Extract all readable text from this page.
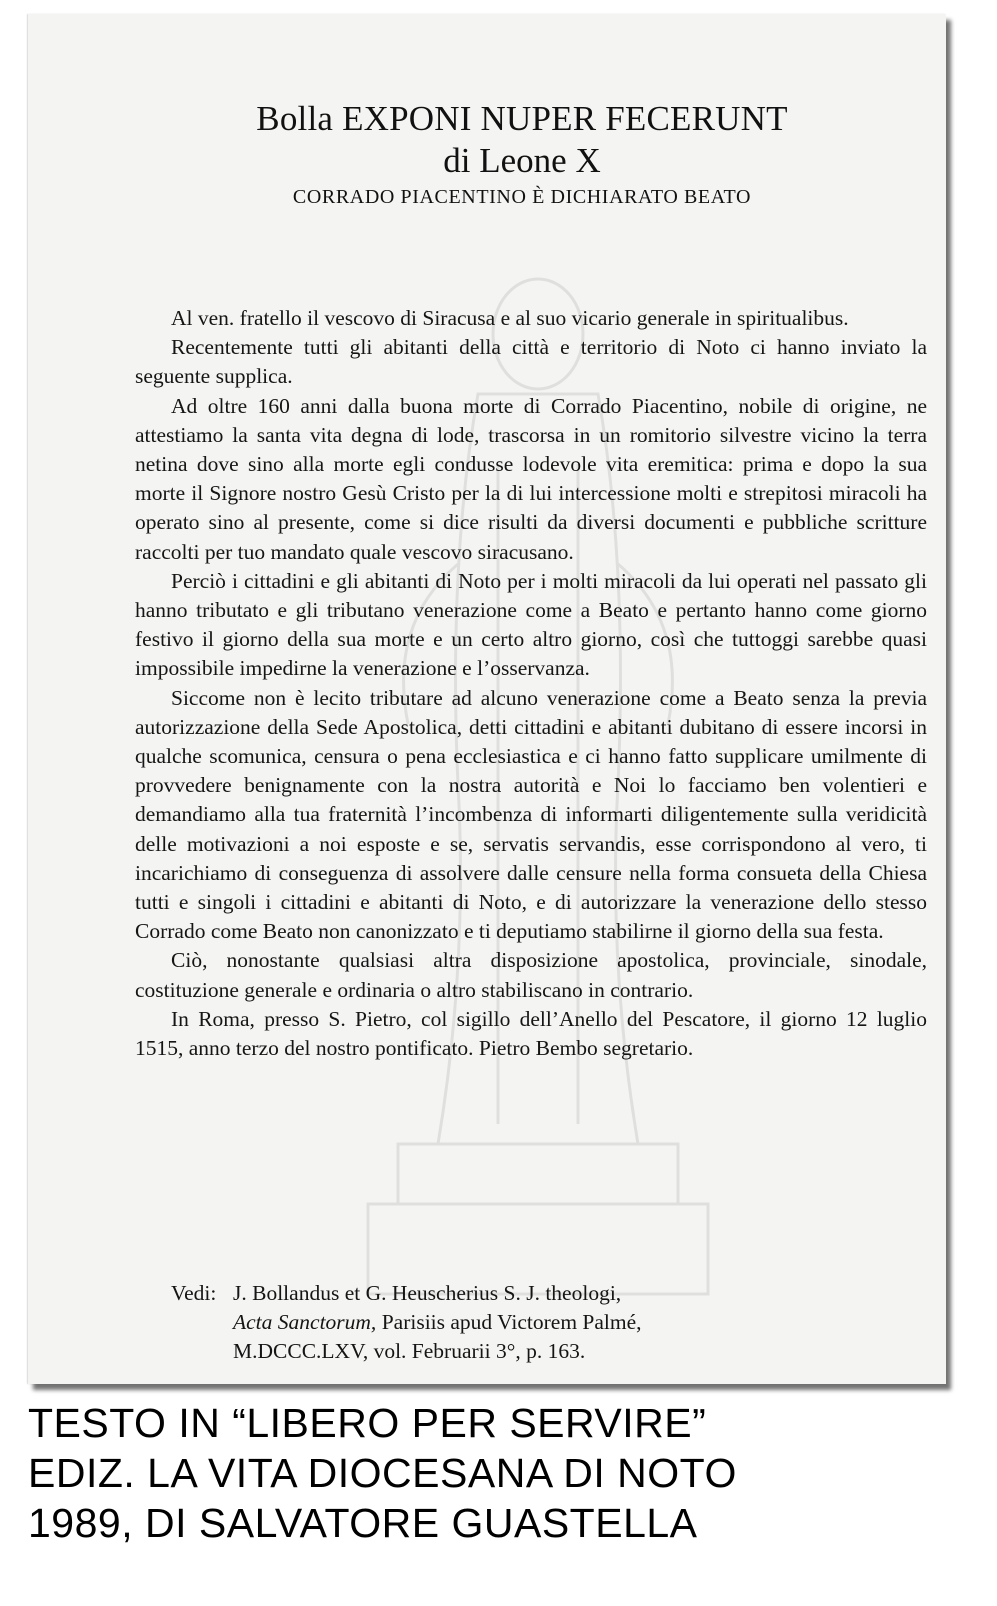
Bolla EXPONI NUPER FECERUNT
di Leone X
CORRADO PIACENTINO È DICHIARATO BEATO

Al ven. fratello il vescovo di Siracusa e al suo vicario generale in spiritualibus.

Recentemente tutti gli abitanti della città e territorio di Noto ci hanno inviato la seguente supplica.

Ad oltre 160 anni dalla buona morte di Corrado Piacentino, nobile di origine, ne attestiamo la santa vita degna di lode, trascorsa in un romitorio silvestre vicino la terra netina dove sino alla morte egli condusse lodevole vita eremitica: prima e dopo la sua morte il Signore nostro Gesù Cristo per la di lui intercessione molti e strepitosi miracoli ha operato sino al presente, come si dice risulti da diversi documenti e pubbliche scritture raccolti per tuo mandato quale vescovo siracusano.

Perciò i cittadini e gli abitanti di Noto per i molti miracoli da lui operati nel passato gli hanno tributato e gli tributano venerazione come a Beato e pertanto hanno come giorno festivo il giorno della sua morte e un certo altro giorno, così che tuttoggi sarebbe quasi impossibile impedirne la venerazione e l’osservanza.

Siccome non è lecito tributare ad alcuno venerazione come a Beato senza la previa autorizzazione della Sede Apostolica, detti cittadini e abitanti dubitano di essere incorsi in qualche scomunica, censura o pena ecclesiastica e ci hanno fatto supplicare umilmente di provvedere benignamente con la nostra autorità e Noi lo facciamo ben volentieri e demandiamo alla tua fraternità l’incombenza di informarti diligentemente sulla veridicità delle motivazioni a noi esposte e se, servatis servandis, esse corrispondono al vero, ti incarichiamo di conseguenza di assolvere dalle censure nella forma consueta della Chiesa tutti e singoli i cittadini e abitanti di Noto, e di autorizzare la venerazione dello stesso Corrado come Beato non canonizzato e ti deputiamo stabilirne il giorno della sua festa.

Ciò, nonostante qualsiasi altra disposizione apostolica, provinciale, sinodale, costituzione generale e ordinaria o altro stabiliscano in contrario.

In Roma, presso S. Pietro, col sigillo dell’Anello del Pescatore, il giorno 12 luglio 1515, anno terzo del nostro pontificato. Pietro Bembo segretario.

Vedi: J. Bollandus et G. Heuscherius S. J. theologi,
Acta Sanctorum, Parisiis apud Victorem Palmé,
M.DCCC.LXV, vol. Februarii 3°, p. 163.
TESTO IN “LIBERO PER SERVIRE”
EDIZ. LA VITA DIOCESANA DI NOTO
1989, DI SALVATORE GUASTELLA
